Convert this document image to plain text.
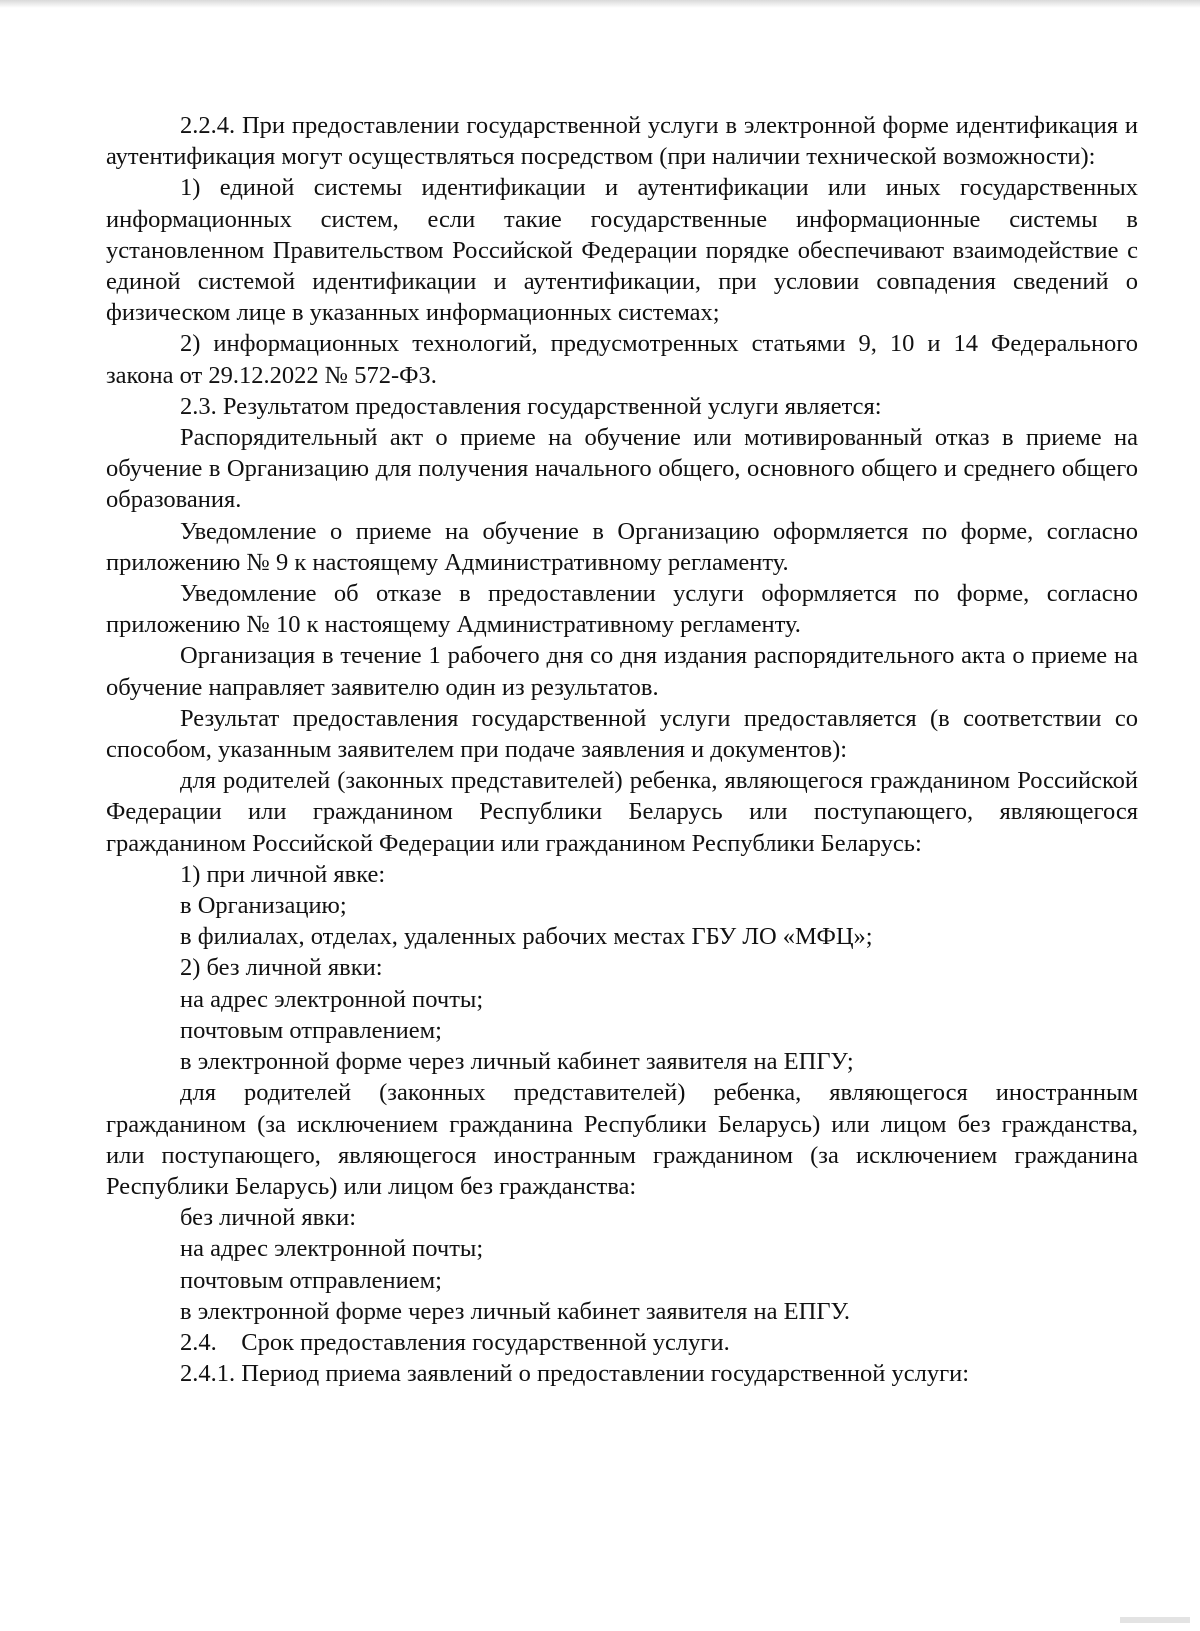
2.2.4. При предоставлении государственной услуги в электронной форме идентификация и аутентификация могут осуществляться посредством (при наличии технической возможности):

1) единой системы идентификации и аутентификации или иных государственных информационных систем, если такие государственные информационные системы в установленном Правительством Российской Федерации порядке обеспечивают взаимодействие с единой системой идентификации и аутентификации, при условии совпадения сведений о физическом лице в указанных информационных системах;

2) информационных технологий, предусмотренных статьями 9, 10 и 14 Федерального закона от 29.12.2022 № 572-ФЗ.

2.3. Результатом предоставления государственной услуги является:

Распорядительный акт о приеме на обучение или мотивированный отказ в приеме на обучение в Организацию для получения начального общего, основного общего и среднего общего образования.

Уведомление о приеме на обучение в Организацию оформляется по форме, согласно приложению № 9 к настоящему Административному регламенту.

Уведомление об отказе в предоставлении услуги оформляется по форме, согласно приложению № 10 к настоящему Административному регламенту.

Организация в течение 1 рабочего дня со дня издания распорядительного акта о приеме на обучение направляет заявителю один из результатов.

Результат предоставления государственной услуги предоставляется (в соответствии со способом, указанным заявителем при подаче заявления и документов):

для родителей (законных представителей) ребенка, являющегося гражданином Российской Федерации или гражданином Республики Беларусь или поступающего, являющегося гражданином Российской Федерации или гражданином Республики Беларусь:

1) при личной явке:

в Организацию;

в филиалах, отделах, удаленных рабочих местах ГБУ ЛО «МФЦ»;

2) без личной явки:

на адрес электронной почты;

почтовым отправлением;

в электронной форме через личный кабинет заявителя на ЕПГУ;

для родителей (законных представителей) ребенка, являющегося иностранным гражданином (за исключением гражданина Республики Беларусь) или лицом без гражданства, или поступающего, являющегося иностранным гражданином (за исключением гражданина Республики Беларусь) или лицом без гражданства:

без личной явки:

на адрес электронной почты;

почтовым отправлением;

в электронной форме через личный кабинет заявителя на ЕПГУ.

2.4.    Срок предоставления государственной услуги.

2.4.1. Период приема заявлений о предоставлении государственной услуги:
